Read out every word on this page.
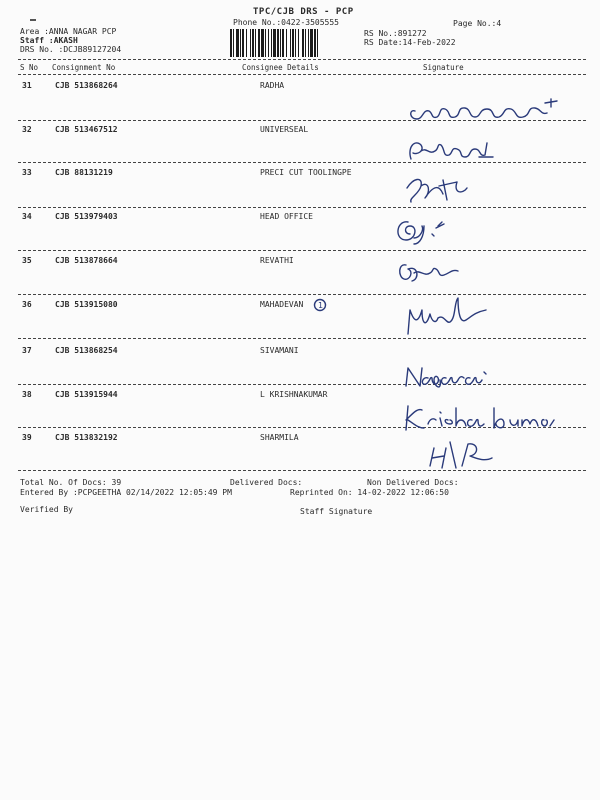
TPC/CJB DRS - PCP
Phone No.:0422-3505555	Page No.:4
Area :ANNA NAGAR PCP
Staff :AKASH
DRS No. :DCJB89127204
RS No.:891272
RS Date:14-Feb-2022
S No Consignment No	Consignee Details	Signature
31	CJB 513868264	RADHA
32	CJB 513467512	UNIVERSEAL
33	CJB 88131219	PRECI CUT TOOLINGPE
34	CJB 513979403	HEAD OFFICE
35	CJB 513878664	REVATHI
36	CJB 513915080	MAHADEVAN 1
37	CJB 513868254	SIVAMANI
38	CJB 513915944	L KRISHNAKUMAR
39	CJB 513832192	SHARMILA
Total No. Of Docs: 39	Delivered Docs:	Non Delivered Docs:
Entered By :PCPGEETHA 02/14/2022 12:05:49 PM	Reprinted On: 14-02-2022 12:06:50
Verified By	Staff Signature
